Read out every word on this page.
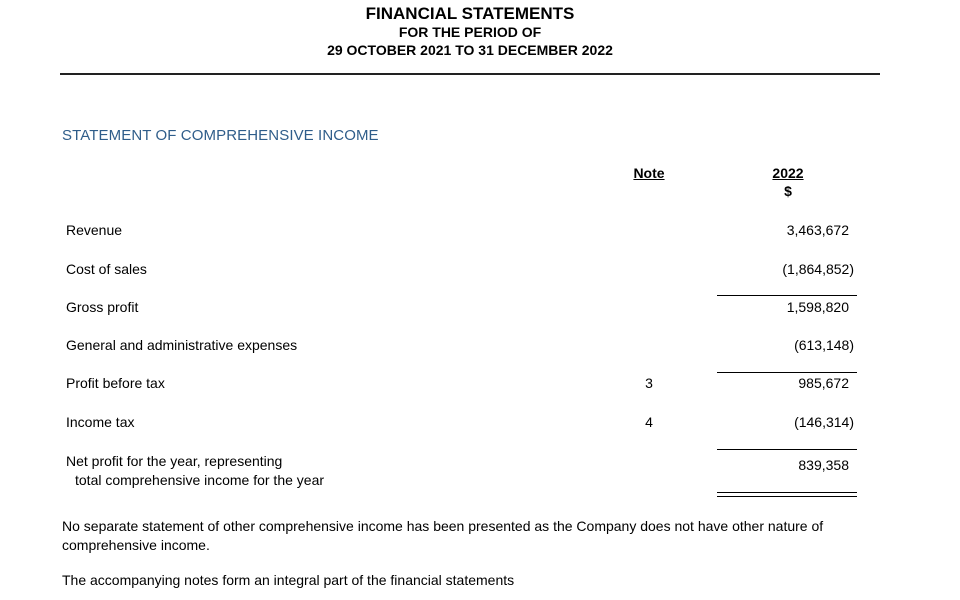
FINANCIAL STATEMENTS
FOR THE PERIOD OF
29 OCTOBER 2021 TO 31 DECEMBER 2022
STATEMENT OF COMPREHENSIVE INCOME
Note	2022
$
Revenue	3,463,672
Cost of sales	(1,864,852)
Gross profit	1,598,820
General and administrative expenses	(613,148)
Profit before tax	3	985,672
Income tax	4	(146,314)
Net profit for the year, representing
total comprehensive income for the year
839,358
No separate statement of other comprehensive income has been presented as the Company does not have other nature of comprehensive income.
The accompanying notes form an integral part of the financial statements
